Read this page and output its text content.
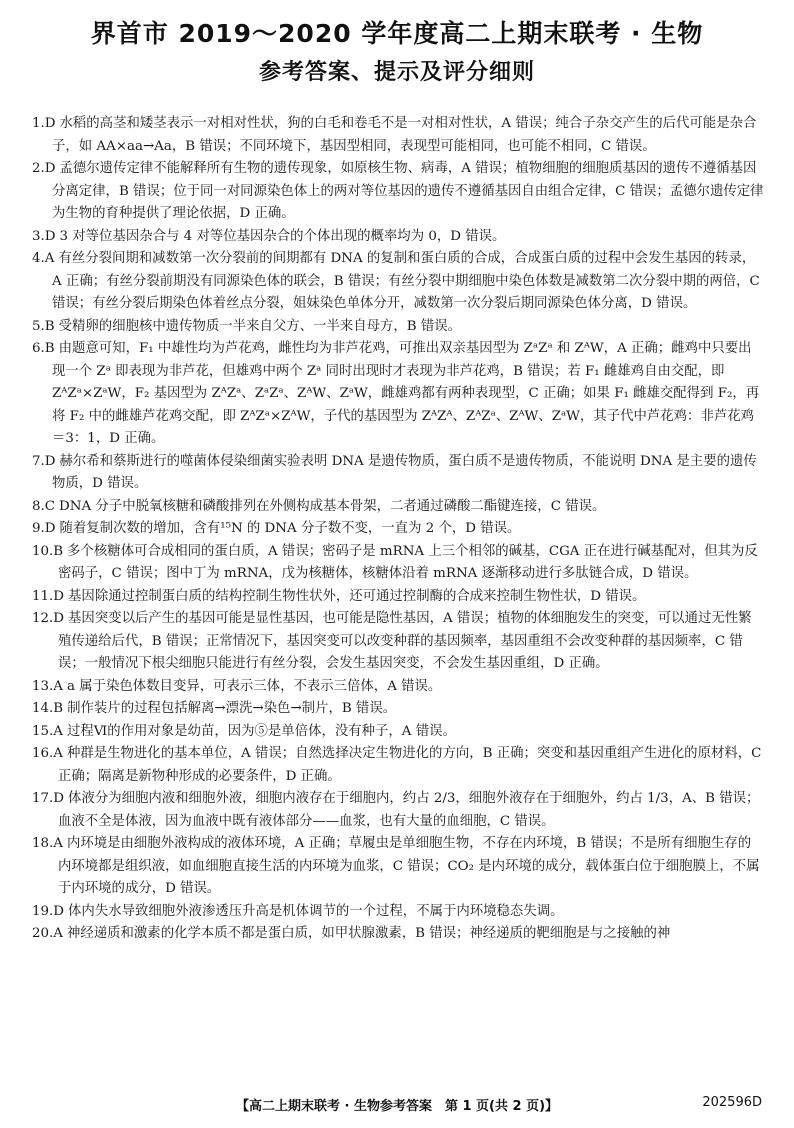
界首市 2019～2020 学年度高二上期末联考 · 生物
参考答案、提示及评分细则

1.D 水稻的高茎和矮茎表示一对相对性状，狗的白毛和卷毛不是一对相对性状，A 错误；纯合子杂交产生的后代可能是杂合子，如 AA×aa→Aa，B 错误；不同环境下，基因型相同，表现型可能相同，也可能不相同，C 错误。

2.D 孟德尔遗传定律不能解释所有生物的遗传现象，如原核生物、病毒，A 错误；植物细胞的细胞质基因的遗传不遵循基因分离定律，B 错误；位于同一对同源染色体上的两对等位基因的遗传不遵循基因自由组合定律，C 错误；孟德尔遗传定律为生物的育种提供了理论依据，D 正确。

3.D 3 对等位基因杂合与 4 对等位基因杂合的个体出现的概率均为 0，D 错误。

4.A 有丝分裂间期和减数第一次分裂前的间期都有 DNA 的复制和蛋白质的合成，合成蛋白质的过程中会发生基因的转录，A 正确；有丝分裂前期没有同源染色体的联会，B 错误；有丝分裂中期细胞中染色体数是减数第二次分裂中期的两倍，C 错误；有丝分裂后期染色体着丝点分裂，姐妹染色单体分开，减数第一次分裂后期同源染色体分离，D 错误。

5.B 受精卵的细胞核中遗传物质一半来自父方、一半来自母方，B 错误。

6.B 由题意可知，F₁ 中雄性均为芦花鸡，雌性均为非芦花鸡，可推出双亲基因型为 ZᵃZᵃ 和 ZᴬW，A 正确；雌鸡中只要出现一个 Zᵃ 即表现为非芦花，但雄鸡中两个 Zᵃ 同时出现时才表现为非芦花鸡，B 错误；若 F₁ 雌雄鸡自由交配，即 ZᴬZᵃ×ZᵃW，F₂ 基因型为 ZᴬZᵃ、ZᵃZᵃ、ZᴬW、ZᵃW，雌雄鸡都有两种表现型，C 正确；如果 F₁ 雌雄交配得到 F₂，再将 F₂ 中的雌雄芦花鸡交配，即 ZᴬZᵃ×ZᴬW，子代的基因型为 ZᴬZᴬ、ZᴬZᵃ、ZᴬW、ZᵃW，其子代中芦花鸡：非芦花鸡＝3：1，D 正确。

7.D 赫尔希和蔡斯进行的噬菌体侵染细菌实验表明 DNA 是遗传物质，蛋白质不是遗传物质，不能说明 DNA 是主要的遗传物质，D 错误。

8.C DNA 分子中脱氧核糖和磷酸排列在外侧构成基本骨架，二者通过磷酸二酯键连接，C 错误。

9.D 随着复制次数的增加，含有¹⁵N 的 DNA 分子数不变，一直为 2 个，D 错误。

10.B 多个核糖体可合成相同的蛋白质，A 错误；密码子是 mRNA 上三个相邻的碱基，CGA 正在进行碱基配对，但其为反密码子，C 错误；图中丁为 mRNA，戊为核糖体，核糖体沿着 mRNA 逐渐移动进行多肽链合成，D 错误。

11.D 基因除通过控制蛋白质的结构控制生物性状外，还可通过控制酶的合成来控制生物性状，D 错误。

12.D 基因突变以后产生的基因可能是显性基因，也可能是隐性基因，A 错误；植物的体细胞发生的突变，可以通过无性繁殖传递给后代，B 错误；正常情况下，基因突变可以改变种群的基因频率，基因重组不会改变种群的基因频率，C 错误；一般情况下根尖细胞只能进行有丝分裂，会发生基因突变，不会发生基因重组，D 正确。

13.A a 属于染色体数目变异，可表示三体，不表示三倍体，A 错误。

14.B 制作装片的过程包括解离→漂洗→染色→制片，B 错误。

15.A 过程Ⅵ的作用对象是幼苗，因为⑤是单倍体，没有种子，A 错误。

16.A 种群是生物进化的基本单位，A 错误；自然选择决定生物进化的方向，B 正确；突变和基因重组产生进化的原材料，C 正确；隔离是新物种形成的必要条件，D 正确。

17.D 体液分为细胞内液和细胞外液，细胞内液存在于细胞内，约占 2/3，细胞外液存在于细胞外，约占 1/3，A、B 错误；血液不全是体液，因为血液中既有液体部分——血浆，也有大量的血细胞，C 错误。

18.A 内环境是由细胞外液构成的液体环境，A 正确；草履虫是单细胞生物，不存在内环境，B 错误；不是所有细胞生存的内环境都是组织液，如血细胞直接生活的内环境为血浆，C 错误；CO₂ 是内环境的成分，载体蛋白位于细胞膜上，不属于内环境的成分，D 错误。

19.D 体内失水导致细胞外液渗透压升高是机体调节的一个过程，不属于内环境稳态失调。

20.A 神经递质和激素的化学本质不都是蛋白质，如甲状腺激素，B 错误；神经递质的靶细胞是与之接触的神

【高二上期末联考 · 生物参考答案　第 1 页(共 2 页)】	202596D
